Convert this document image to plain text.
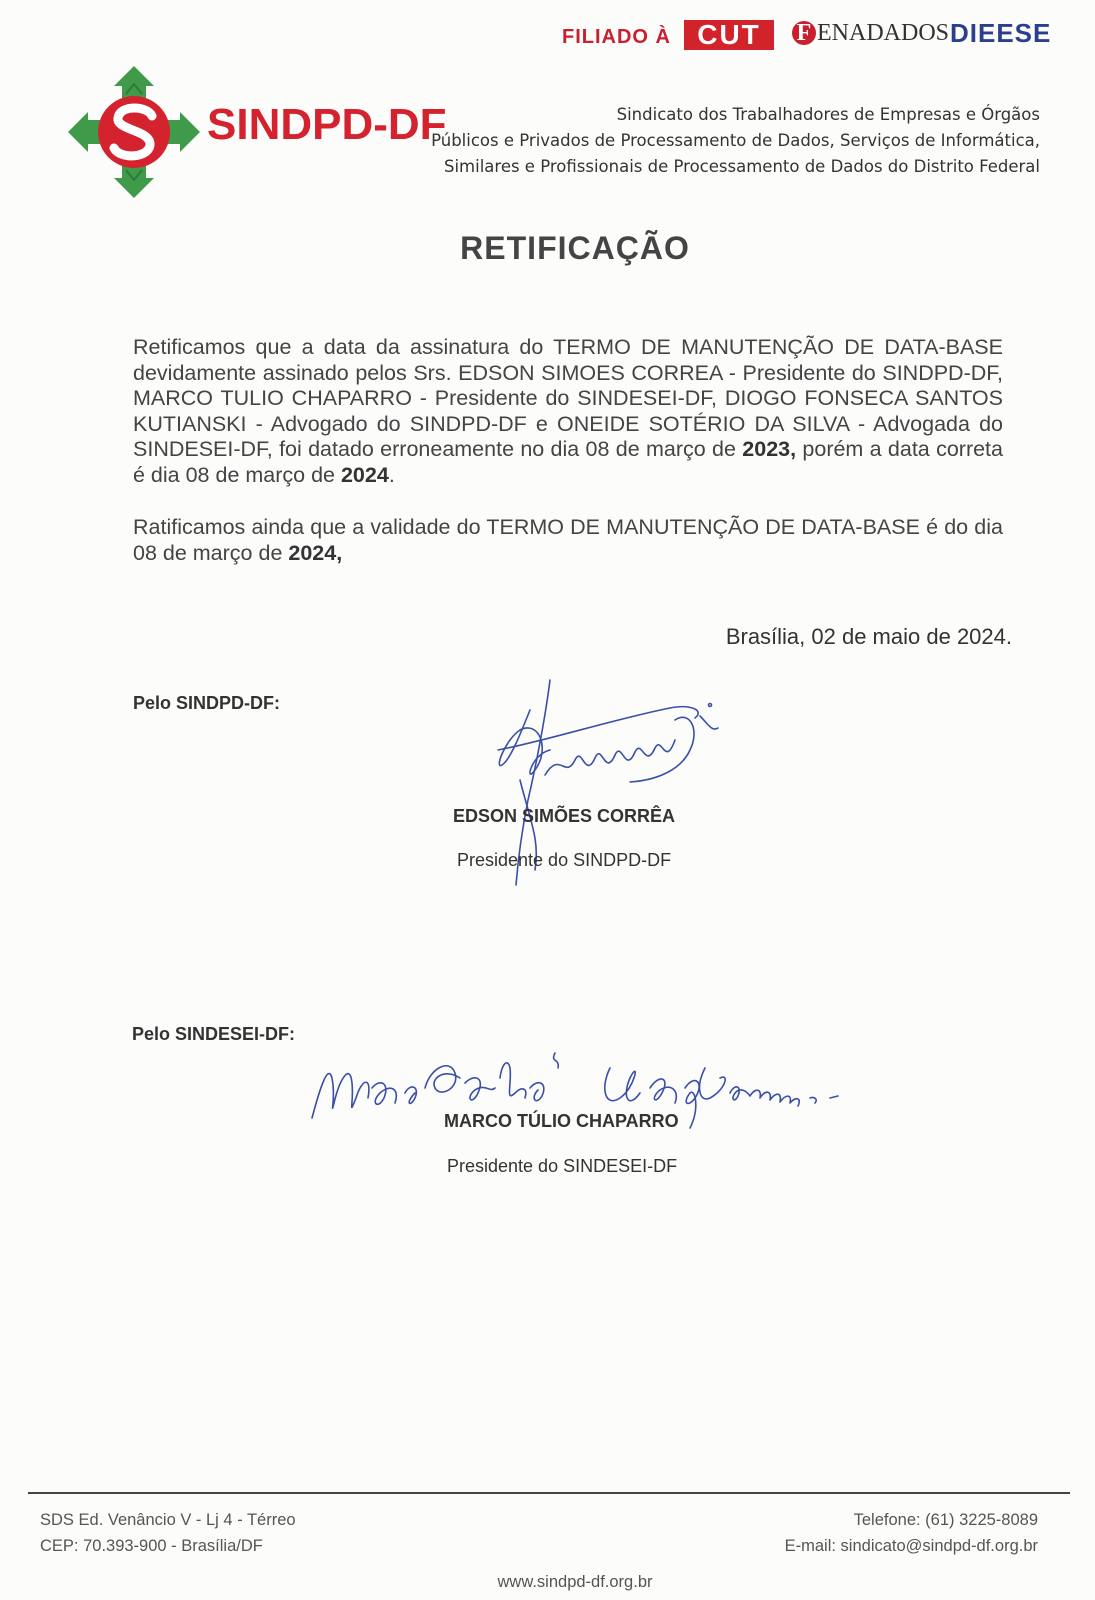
FILIADO À CUT	F ENADADOS DIEESE
SINDPD-DF	Sindicato dos Trabalhadores de Empresas e Órgãos
Públicos e Privados de Processamento de Dados, Serviços de Informática,
Similares e Profissionais de Processamento de Dados do Distrito Federal
RETIFICAÇÃO
Retificamos que a data da assinatura do TERMO DE MANUTENÇÃO DE DATA-BASE devidamente assinado pelos Srs. EDSON SIMOES CORREA - Presidente do SINDPD-DF, MARCO TULIO CHAPARRO - Presidente do SINDESEI-DF, DIOGO FONSECA SANTOS KUTIANSKI - Advogado do SINDPD-DF e ONEIDE SOTÉRIO DA SILVA - Advogada do SINDESEI-DF, foi datado erroneamente no dia 08 de março de 2023, porém a data correta é dia 08 de março de 2024.
Ratificamos ainda que a validade do TERMO DE MANUTENÇÃO DE DATA-BASE é do dia 08 de março de 2024,
Brasília, 02 de maio de 2024.
Pelo SINDPD-DF:
EDSON SIMÕES CORRÊA
Presidente do SINDPD-DF
Pelo SINDESEI-DF:
MARCO TÚLIO CHAPARRO
Presidente do SINDESEI-DF
SDS Ed. Venâncio V - Lj 4 - Térreo
CEP: 70.393-900 - Brasília/DF
Telefone: (61) 3225-8089
E-mail: sindicato@sindpd-df.org.br
www.sindpd-df.org.br
